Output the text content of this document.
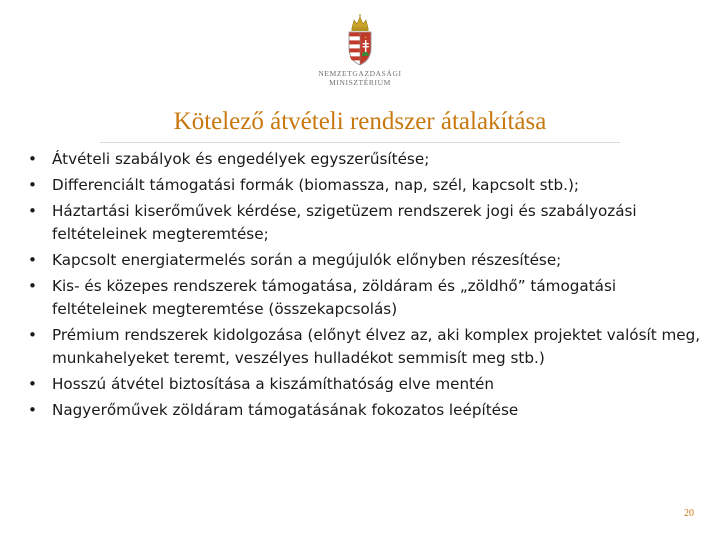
NEMZETGAZDASÁGI
MINISZTÉRIUM
Kötelező átvételi rendszer átalakítása
• Átvételi szabályok és engedélyek egyszerűsítése;
• Differenciált támogatási formák (biomassza, nap, szél, kapcsolt stb.);
• Háztartási kiserőművek kérdése, szigetüzem rendszerek jogi és szabályozási feltételeinek megteremtése;
• Kapcsolt energiatermelés során a megújulók előnyben részesítése;
• Kis- és közepes rendszerek támogatása, zöldáram és „zöldhő” támogatási feltételeinek megteremtése (összekapcsolás)
• Prémium rendszerek kidolgozása (előnyt élvez az, aki komplex projektet valósít meg, munkahelyeket teremt, veszélyes hulladékot semmisít meg stb.)
• Hosszú átvétel biztosítása a kiszámíthatóság elve mentén
• Nagyerőművek zöldáram támogatásának fokozatos leépítése
20
